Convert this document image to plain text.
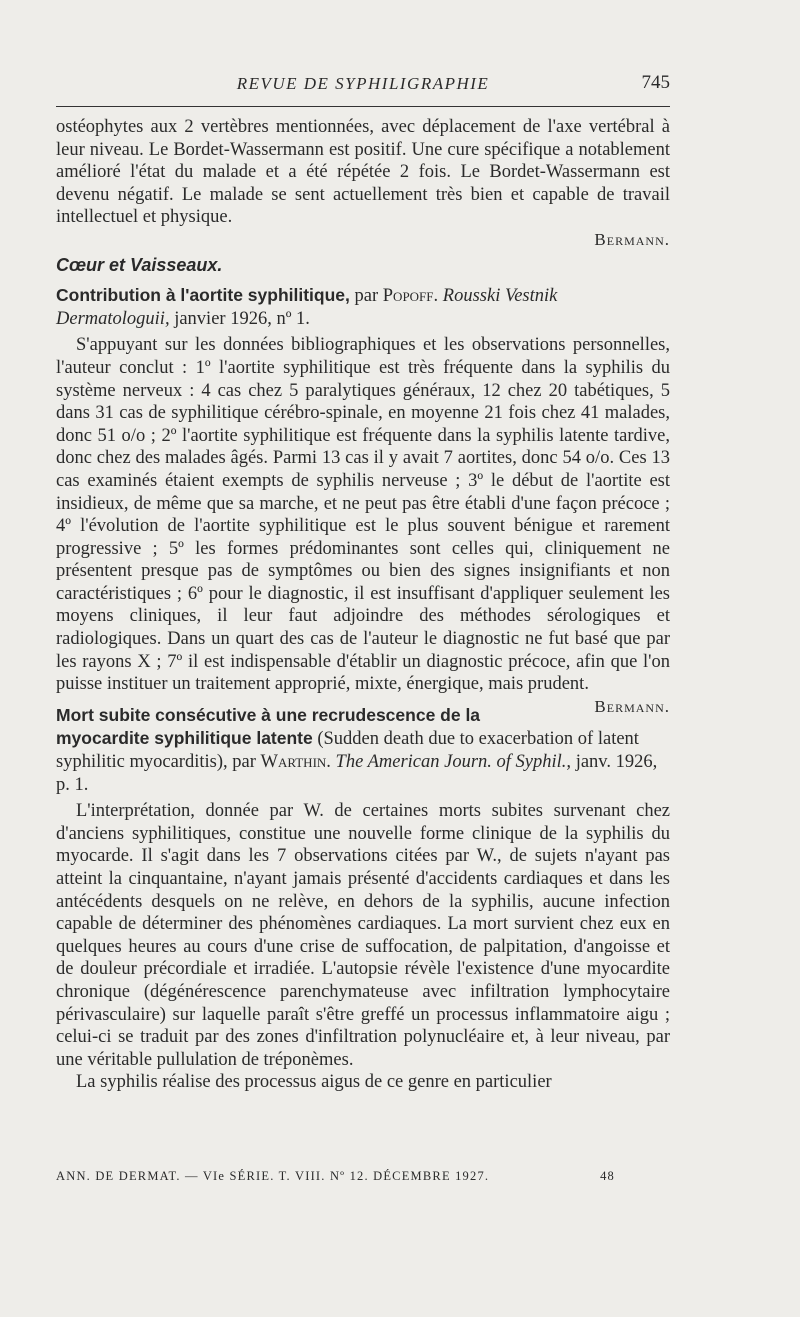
REVUE DE SYPHILIGRAPHIE	745

ostéophytes aux 2 vertèbres mentionnées, avec déplacement de l'axe vertébral à leur niveau. Le Bordet-Wassermann est positif. Une cure spécifique a notablement amélioré l'état du malade et a été répétée 2 fois. Le Bordet-Wassermann est devenu négatif. Le malade se sent actuellement très bien et capable de travail intellectuel et physique.

Bermann.

Cœur et Vaisseaux.
Contribution à l'aortite syphilitique, par Popoff. Rousski Vestnik Dermatologuii, janvier 1926, nº 1.

S'appuyant sur les données bibliographiques et les observations personnelles, l'auteur conclut : 1º l'aortite syphilitique est très fréquente dans la syphilis du système nerveux : 4 cas chez 5 paralytiques généraux, 12 chez 20 tabétiques, 5 dans 31 cas de syphilitique cérébro-spinale, en moyenne 21 fois chez 41 malades, donc 51 o/o ; 2º l'aortite syphilitique est fréquente dans la syphilis latente tardive, donc chez des malades âgés. Parmi 13 cas il y avait 7 aortites, donc 54 o/o. Ces 13 cas examinés étaient exempts de syphilis nerveuse ; 3º le début de l'aortite est insidieux, de même que sa marche, et ne peut pas être établi d'une façon précoce ; 4º l'évolution de l'aortite syphilitique est le plus souvent bénigue et rarement progressive ; 5º les formes prédominantes sont celles qui, cliniquement ne présentent presque pas de symptômes ou bien des signes insignifiants et non caractéristiques ; 6º pour le diagnostic, il est insuffisant d'appliquer seulement les moyens cliniques, il leur faut adjoindre des méthodes sérologiques et radiologiques. Dans un quart des cas de l'auteur le diagnostic ne fut basé que par les rayons X ; 7º il est indispensable d'établir un diagnostic précoce, afin que l'on puisse instituer un traitement approprié, mixte, énergique, mais prudent.
Bermann.

Mort subite consécutive à une recrudescence de la myocardite syphilitique latente (Sudden death due to exacerbation of latent syphilitic myocarditis), par Warthin. The American Journ. of Syphil., janv. 1926, p. 1.

L'interprétation, donnée par W. de certaines morts subites survenant chez d'anciens syphilitiques, constitue une nouvelle forme clinique de la syphilis du myocarde. Il s'agit dans les 7 observations citées par W., de sujets n'ayant pas atteint la cinquantaine, n'ayant jamais présenté d'accidents cardiaques et dans les antécédents desquels on ne relève, en dehors de la syphilis, aucune infection capable de déterminer des phénomènes cardiaques. La mort survient chez eux en quelques heures au cours d'une crise de suffocation, de palpitation, d'angoisse et de douleur précordiale et irradiée. L'autopsie révèle l'existence d'une myocardite chronique (dégénérescence parenchymateuse avec infiltration lymphocytaire périvasculaire) sur laquelle paraît s'être greffé un processus inflammatoire aigu ; celui-ci se traduit par des zones d'infiltration polynucléaire et, à leur niveau, par une véritable pullulation de tréponèmes.

La syphilis réalise des processus aigus de ce genre en particulier

ANN. DE DERMAT. — VIe SÉRIE. T. VIII. Nº 12. DÉCEMBRE 1927.	48
